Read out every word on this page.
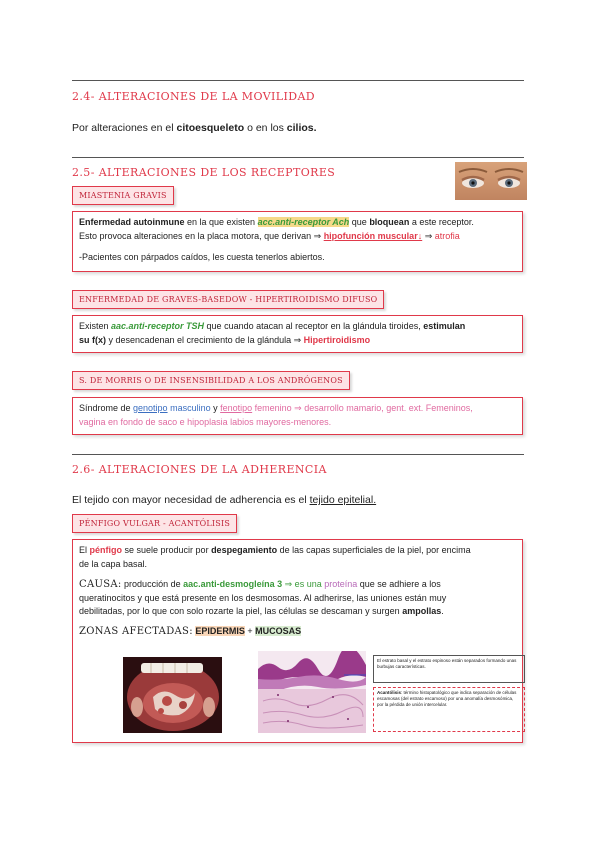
2.4- ALTERACIONES DE LA MOVILIDAD
Por alteraciones en el citoesqueleto o en los cilios.
2.5- ALTERACIONES DE LOS RECEPTORES
MIASTENIA GRAVIS
Enfermedad autoinmune en la que existen acc.anti-receptor Ach que bloquean a este receptor.
Esto provoca alteraciones en la placa motora, que derivan ⇒ hipofunción muscular↓ ⇒ atrofia
-Pacientes con párpados caídos, les cuesta tenerlos abiertos.
ENFERMEDAD DE GRAVES-BASEDOW - HIPERTIROIDISMO DIFUSO
Existen aac.anti-receptor TSH que cuando atacan al receptor en la glándula tiroides, estimulan
su f(x) y desencadenan el crecimiento de la glándula ⇒ Hipertiroidismo
S. DE MORRIS O DE INSENSIBILIDAD A LOS ANDRÓGENOS
Síndrome de genotipo masculino y fenotipo femenino ⇒ desarrollo mamario, gent. ext. Femeninos,
vagina en fondo de saco e hipoplasia labios mayores-menores.
2.6- ALTERACIONES DE LA ADHERENCIA
El tejido con mayor necesidad de adherencia es el tejido epitelial.
PÉNFIGO VULGAR - ACANTÓLISIS
El pénfigo se suele producir por despegamiento de las capas superficiales de la piel, por encima
de la capa basal.
CAUSA: producción de aac.anti-desmogleína 3 ⇒ es una proteína que se adhiere a los
queratinocitos y que está presente en los desmosomas. Al adherirse, las uniones están muy
debilitadas, por lo que con solo rozarte la piel, las células se descaman y surgen ampollas.
ZONAS AFECTADAS: EPIDERMIS + MUCOSAS
El estrato basal y el estrato espinoso están separados formando unas burbujas características.
Acantólisis: término histopatológico que indica separación de células escamosas (del estrato escamoso) por una anomalía desmosómica, por la pérdida de unión intercelular.
